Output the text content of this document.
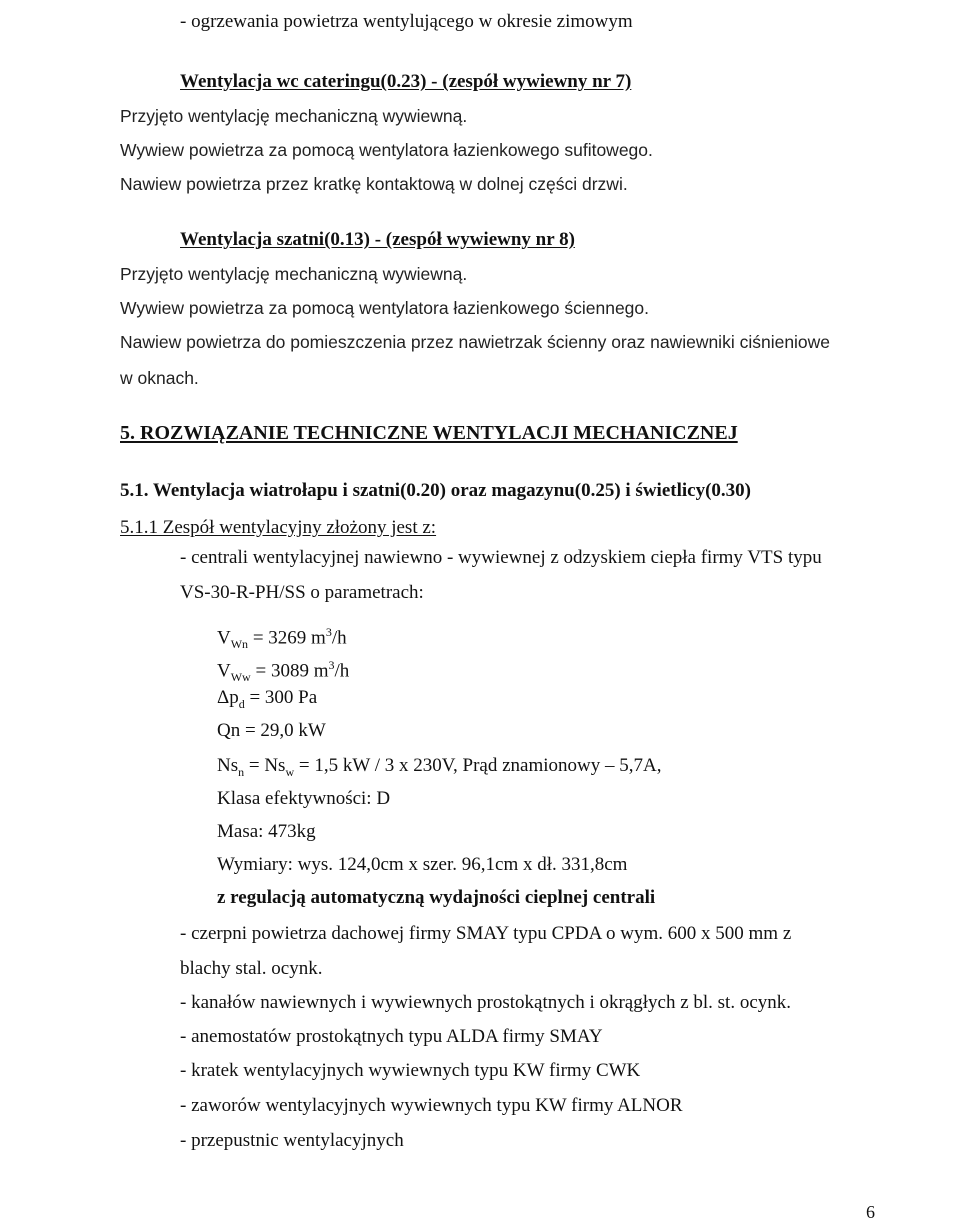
- ogrzewania powietrza wentylującego w okresie zimowym
Wentylacja wc cateringu(0.23) - (zespół wywiewny nr 7)
Przyjęto wentylację mechaniczną wywiewną.
Wywiew powietrza za pomocą wentylatora łazienkowego sufitowego.
Nawiew powietrza przez kratkę kontaktową w dolnej części drzwi.
Wentylacja szatni(0.13) - (zespół wywiewny nr 8)
Przyjęto wentylację mechaniczną wywiewną.
Wywiew powietrza za pomocą wentylatora łazienkowego ściennego.
Nawiew powietrza do pomieszczenia przez nawietrzak ścienny oraz nawiewniki ciśnieniowe
w oknach.
5. ROZWIĄZANIE TECHNICZNE WENTYLACJI MECHANICZNEJ
5.1. Wentylacja wiatrołapu i szatni(0.20) oraz magazynu(0.25) i świetlicy(0.30)
5.1.1 Zespół wentylacyjny złożony jest z:
- centrali wentylacyjnej nawiewno - wywiewnej z odzyskiem ciepła firmy VTS typu
VS-30-R-PH/SS o parametrach:
$V_{Wn} = 3269$ $m^3/h$
$V_{Ww} = 3089$ $m^3/h$
$\Delta p_d = 300$ Pa
Qn = 29,0 kW
$Ns_n = Ns_w = 1,5$ kW / 3 x 230V, Prąd znamionowy – 5,7A,
Klasa efektywności: D
Masa: 473kg
Wymiary: wys. 124,0cm x szer. 96,1cm x dł. 331,8cm
z regulacją automatyczną wydajności cieplnej centrali
- czerpni powietrza dachowej firmy SMAY typu CPDA o wym. 600 x 500 mm z
blachy stal. ocynk.
- kanałów nawiewnych i wywiewnych prostokątnych i okrągłych z bl. st. ocynk.
- anemostatów prostokątnych typu ALDA firmy SMAY
- kratek wentylacyjnych wywiewnych typu KW firmy CWK
- zaworów wentylacyjnych wywiewnych typu KW firmy ALNOR
- przepustnic wentylacyjnych
6
